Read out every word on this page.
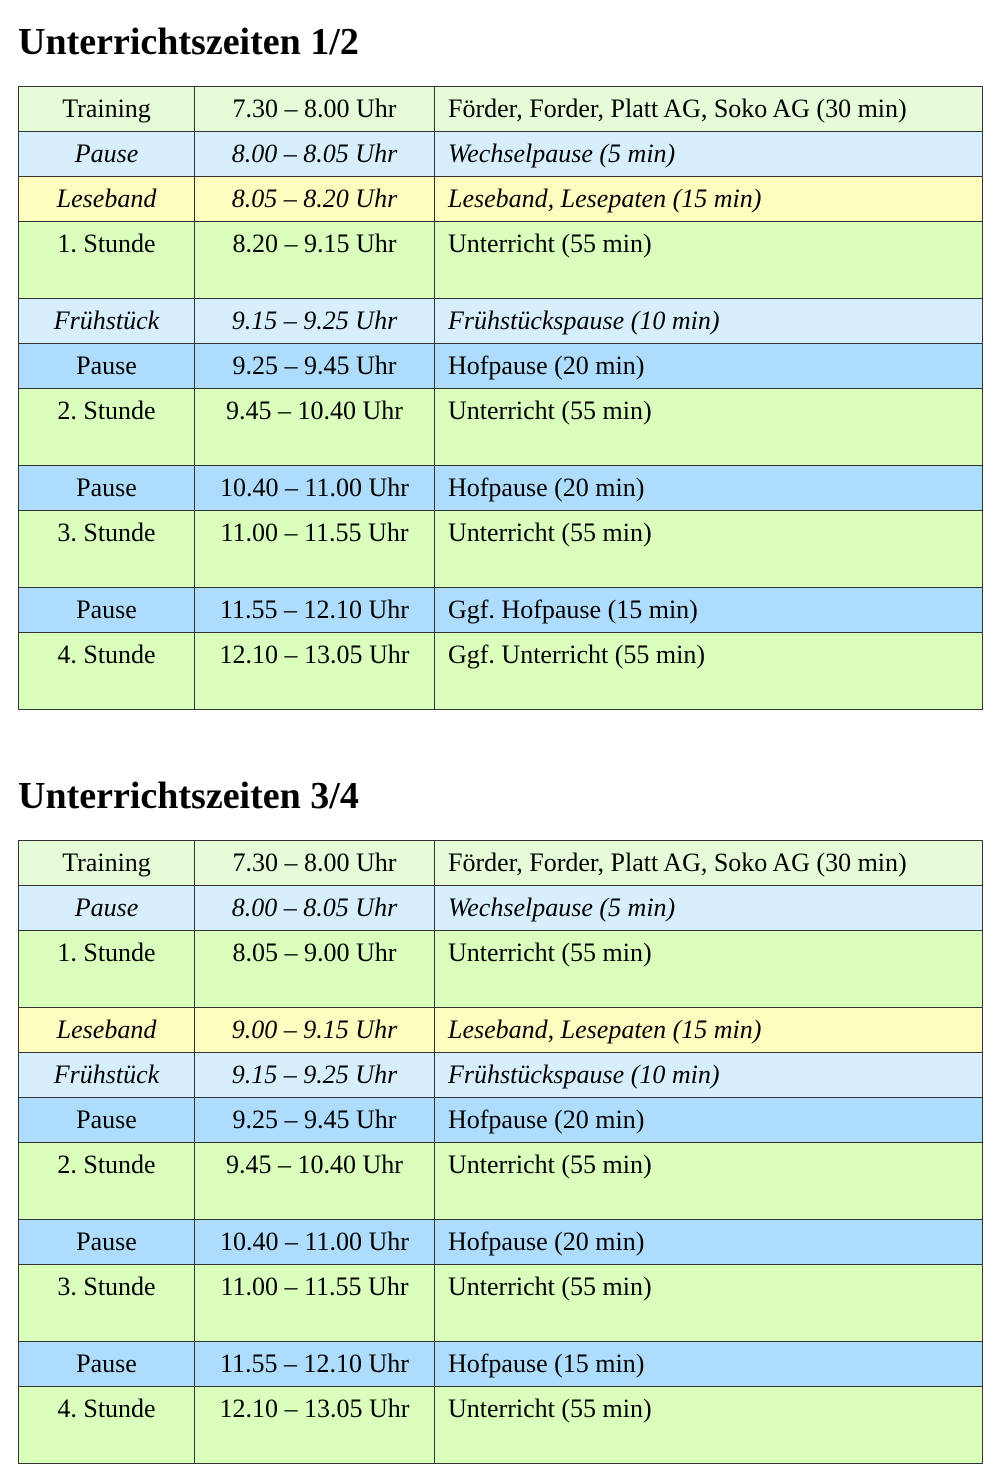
Unterrichtszeiten 1/2
Training	7.30 – 8.00 Uhr	Förder, Forder, Platt AG, Soko AG (30 min)
Pause	8.00 – 8.05 Uhr	Wechselpause (5 min)
Leseband	8.05 – 8.20 Uhr	Leseband, Lesepaten (15 min)
1. Stunde	8.20 – 9.15 Uhr	Unterricht (55 min)
Frühstück	9.15 – 9.25 Uhr	Frühstückspause (10 min)
Pause	9.25 – 9.45 Uhr	Hofpause (20 min)
2. Stunde	9.45 – 10.40 Uhr	Unterricht (55 min)
Pause	10.40 – 11.00 Uhr	Hofpause (20 min)
3. Stunde	11.00 – 11.55 Uhr	Unterricht (55 min)
Pause	11.55 – 12.10 Uhr	Ggf. Hofpause (15 min)
4. Stunde	12.10 – 13.05 Uhr	Ggf. Unterricht (55 min)
Unterrichtszeiten 3/4
Training	7.30 – 8.00 Uhr	Förder, Forder, Platt AG, Soko AG (30 min)
Pause	8.00 – 8.05 Uhr	Wechselpause (5 min)
1. Stunde	8.05 – 9.00 Uhr	Unterricht (55 min)
Leseband	9.00 – 9.15 Uhr	Leseband, Lesepaten (15 min)
Frühstück	9.15 – 9.25 Uhr	Frühstückspause (10 min)
Pause	9.25 – 9.45 Uhr	Hofpause (20 min)
2. Stunde	9.45 – 10.40 Uhr	Unterricht (55 min)
Pause	10.40 – 11.00 Uhr	Hofpause (20 min)
3. Stunde	11.00 – 11.55 Uhr	Unterricht (55 min)
Pause	11.55 – 12.10 Uhr	Hofpause (15 min)
4. Stunde	12.10 – 13.05 Uhr	Unterricht (55 min)
